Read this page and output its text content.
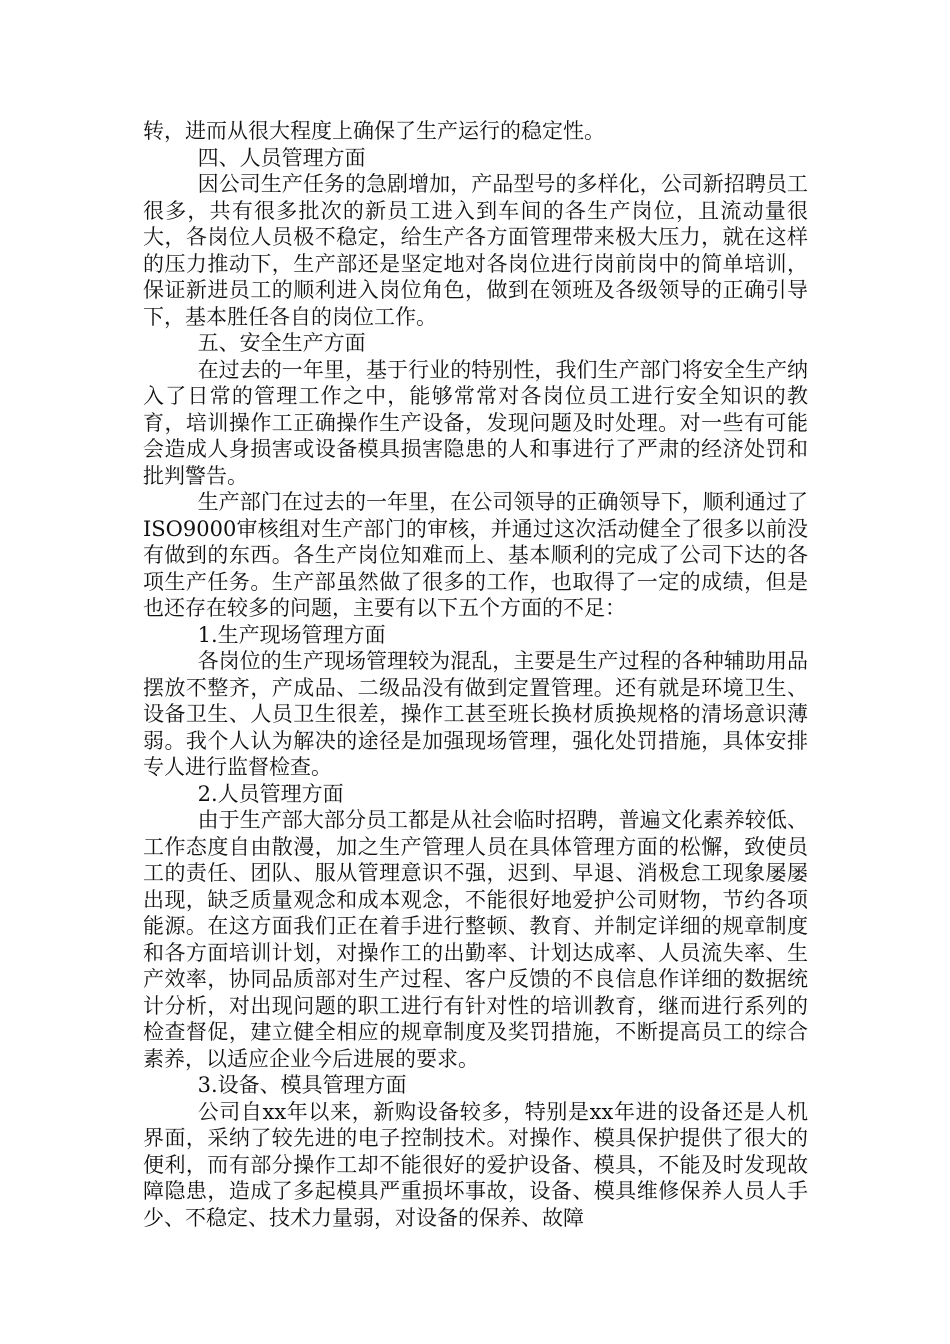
转，进而从很大程度上确保了生产运行的稳定性。

四、人员管理方面

因公司生产任务的急剧增加，产品型号的多样化，公司新招聘员工很多，共有很多批次的新员工进入到车间的各生产岗位，且流动量很大，各岗位人员极不稳定，给生产各方面管理带来极大压力，就在这样的压力推动下，生产部还是坚定地对各岗位进行岗前岗中的简单培训，保证新进员工的顺利进入岗位角色，做到在领班及各级领导的正确引导下，基本胜任各自的岗位工作。

五、安全生产方面

在过去的一年里，基于行业的特别性，我们生产部门将安全生产纳入了日常的管理工作之中，能够常常对各岗位员工进行安全知识的教育，培训操作工正确操作生产设备，发现问题及时处理。对一些有可能会造成人身损害或设备模具损害隐患的人和事进行了严肃的经济处罚和批判警告。

生产部门在过去的一年里，在公司领导的正确领导下，顺利通过了ISO9000审核组对生产部门的审核，并通过这次活动健全了很多以前没有做到的东西。各生产岗位知难而上、基本顺利的完成了公司下达的各项生产任务。生产部虽然做了很多的工作，也取得了一定的成绩，但是也还存在较多的问题，主要有以下五个方面的不足：

1.生产现场管理方面

各岗位的生产现场管理较为混乱，主要是生产过程的各种辅助用品摆放不整齐，产成品、二级品没有做到定置管理。还有就是环境卫生、设备卫生、人员卫生很差，操作工甚至班长换材质换规格的清场意识薄弱。我个人认为解决的途径是加强现场管理，强化处罚措施，具体安排专人进行监督检查。

2.人员管理方面

由于生产部大部分员工都是从社会临时招聘，普遍文化素养较低、工作态度自由散漫，加之生产管理人员在具体管理方面的松懈，致使员工的责任、团队、服从管理意识不强，迟到、早退、消极怠工现象屡屡出现，缺乏质量观念和成本观念，不能很好地爱护公司财物，节约各项能源。在这方面我们正在着手进行整顿、教育、并制定详细的规章制度和各方面培训计划，对操作工的出勤率、计划达成率、人员流失率、生产效率，协同品质部对生产过程、客户反馈的不良信息作详细的数据统计分析，对出现问题的职工进行有针对性的培训教育，继而进行系列的检查督促，建立健全相应的规章制度及奖罚措施，不断提高员工的综合素养，以适应企业今后进展的要求。

3.设备、模具管理方面

公司自xx年以来，新购设备较多，特别是xx年进的设备还是人机界面，采纳了较先进的电子控制技术。对操作、模具保护提供了很大的便利，而有部分操作工却不能很好的爱护设备、模具，不能及时发现故障隐患，造成了多起模具严重损坏事故，设备、模具维修保养人员人手少、不稳定、技术力量弱，对设备的保养、故障
